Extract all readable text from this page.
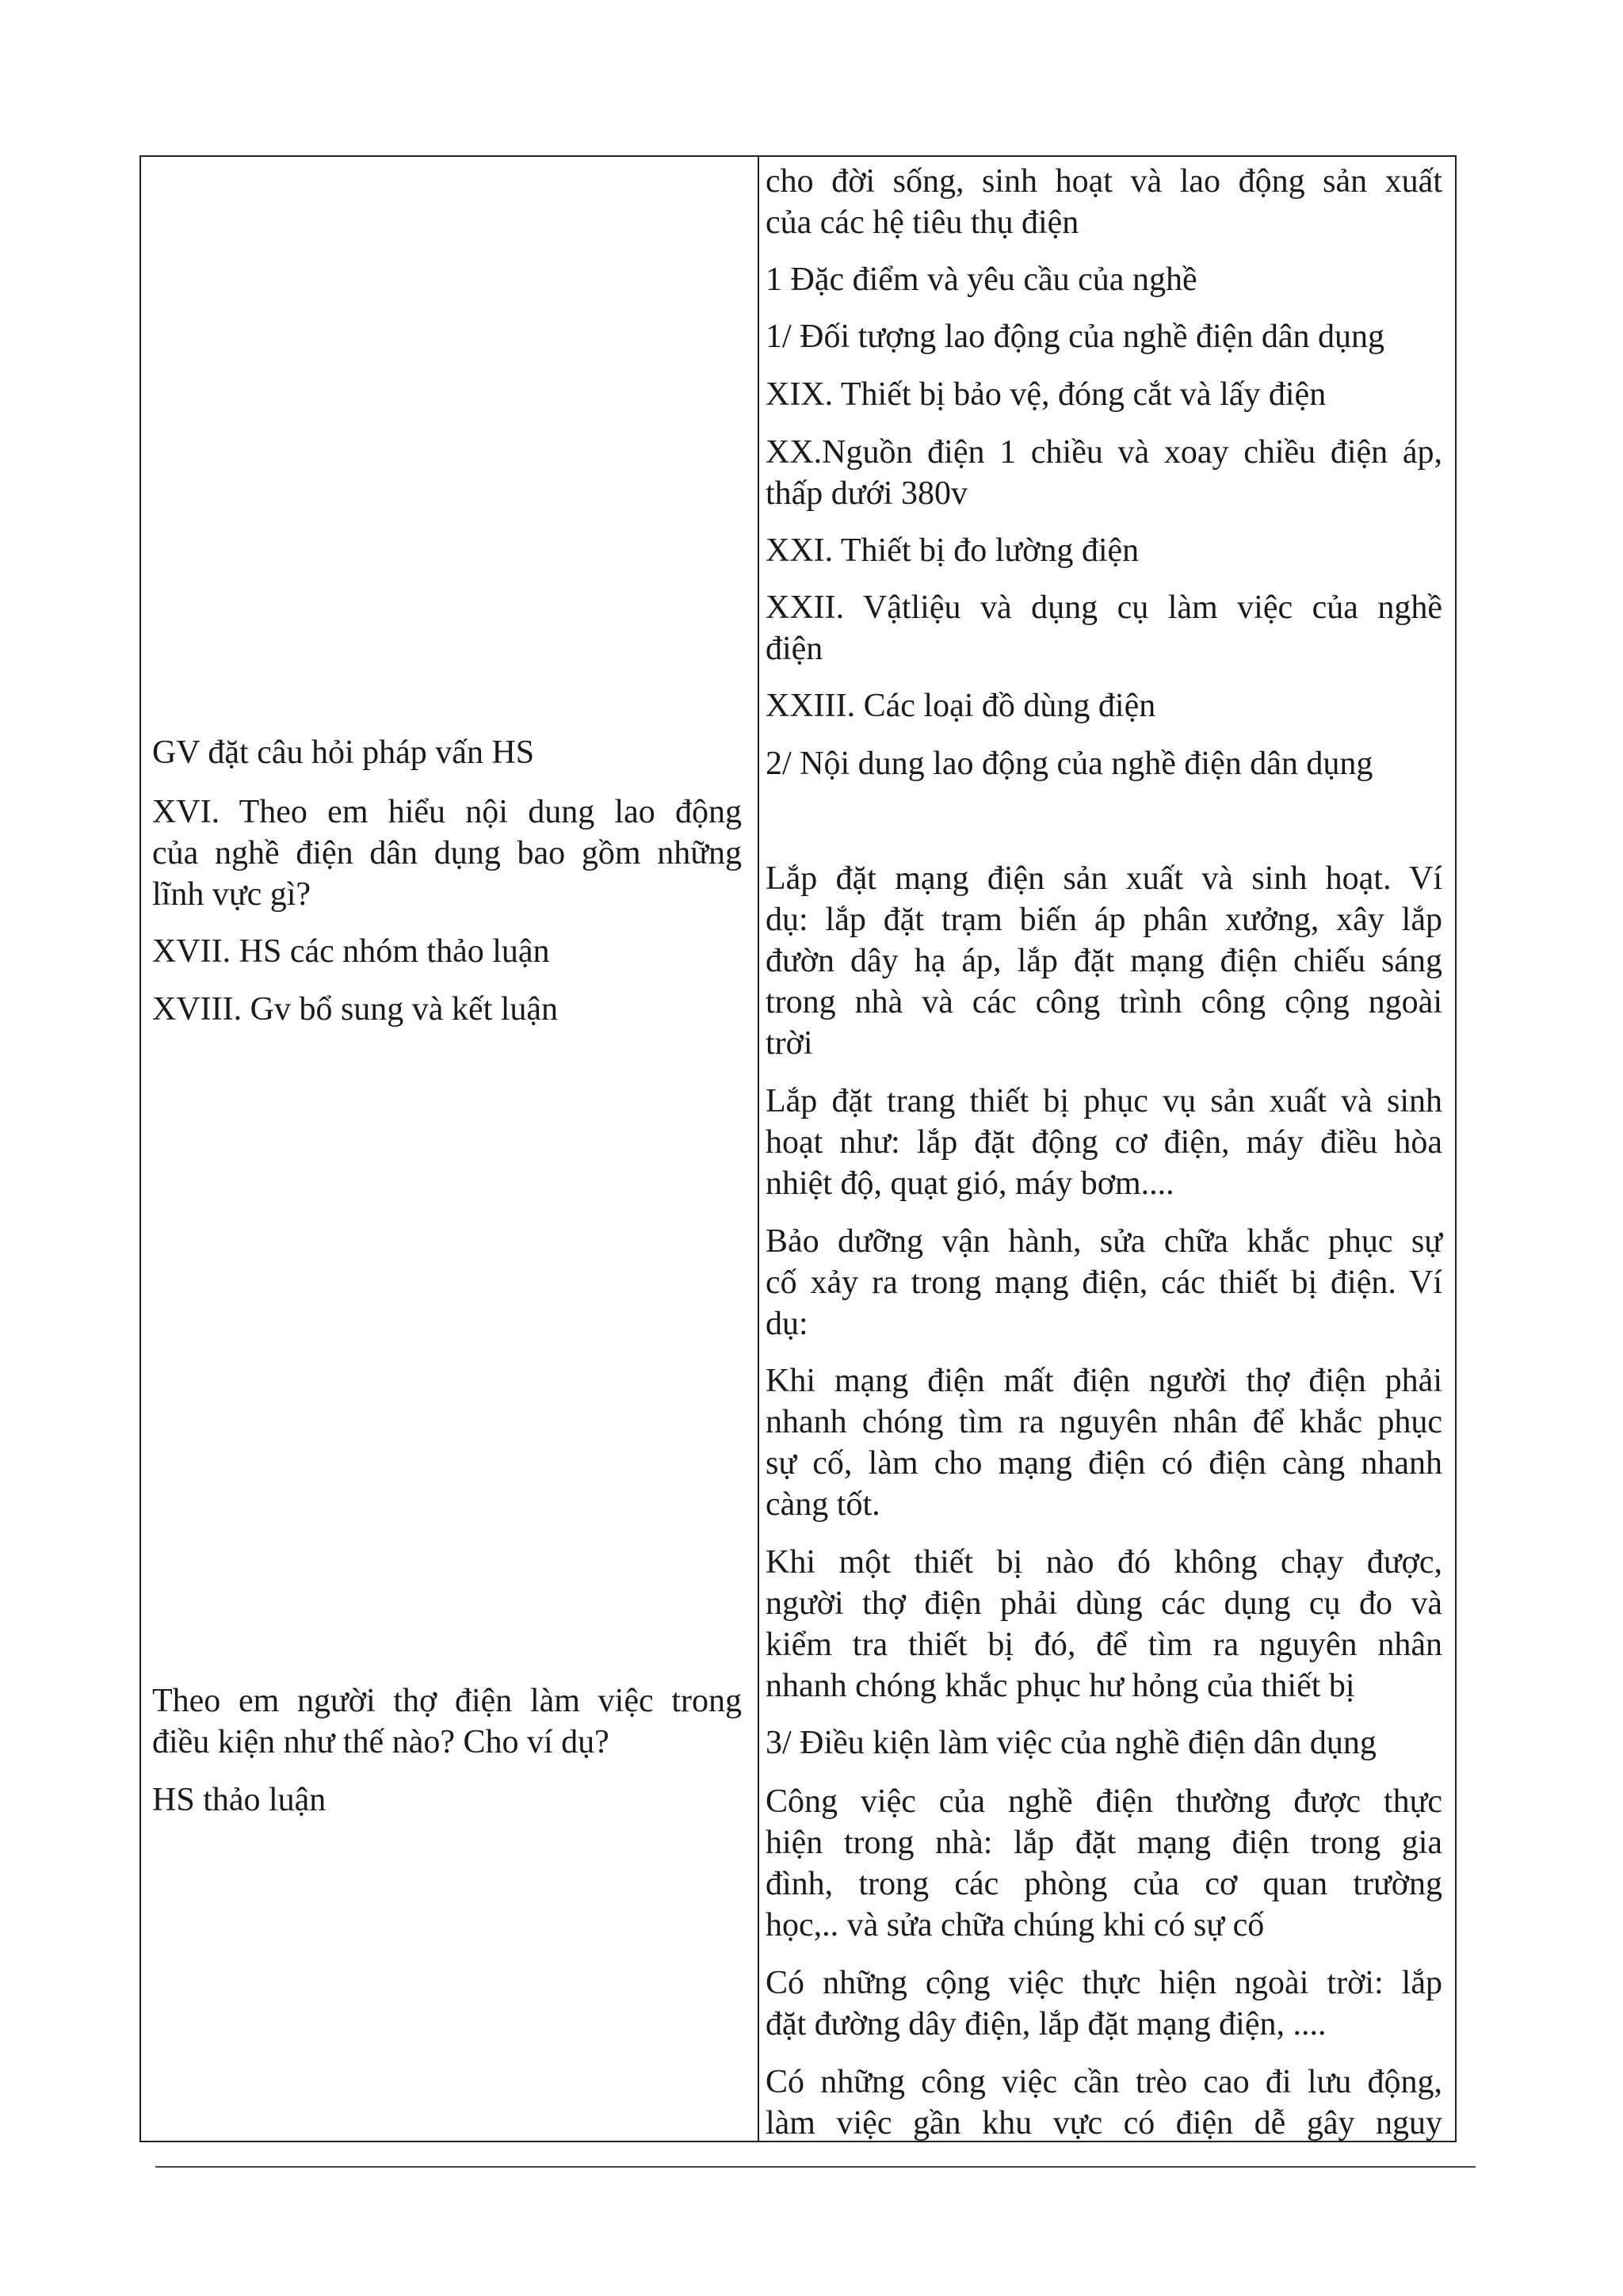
GV đặt câu hỏi pháp vấn HS
XVI. Theo em hiểu nội dung lao động
của nghề điện dân dụng bao gồm những
lĩnh vực gì?
XVII. HS các nhóm thảo luận
XVIII. Gv bổ sung và kết luận
Theo em người thợ điện làm việc trong
điều kiện như thế nào? Cho ví dụ?
HS thảo luận
cho đời sống, sinh hoạt và lao động sản xuất
của các hệ tiêu thụ điện
1 Đặc điểm và yêu cầu của nghề
1/ Đối tượng lao động của nghề điện dân dụng
XIX. Thiết bị bảo vệ, đóng cắt và lấy điện
XX.Nguồn điện 1 chiều và xoay chiều điện áp,
thấp dưới 380v
XXI. Thiết bị đo lường điện
XXII. Vậtliệu và dụng cụ làm việc của nghề
điện
XXIII. Các loại đồ dùng điện
2/ Nội dung lao động của nghề điện dân dụng
Lắp đặt mạng điện sản xuất và sinh hoạt. Ví
dụ: lắp đặt trạm biến áp phân xưởng, xây lắp
đườn dây hạ áp, lắp đặt mạng điện chiếu sáng
trong nhà và các công trình công cộng ngoài
trời
Lắp đặt trang thiết bị phục vụ sản xuất và sinh
hoạt như: lắp đặt động cơ điện, máy điều hòa
nhiệt độ, quạt gió, máy bơm....
Bảo dưỡng vận hành, sửa chữa khắc phục sự
cố xảy ra trong mạng điện, các thiết bị điện. Ví
dụ:
Khi mạng điện mất điện người thợ điện phải
nhanh chóng tìm ra nguyên nhân để khắc phục
sự cố, làm cho mạng điện có điện càng nhanh
càng tốt.
Khi một thiết bị nào đó không chạy được,
người thợ điện phải dùng các dụng cụ đo và
kiểm tra thiết bị đó, để tìm ra nguyên nhân
nhanh chóng khắc phục hư hỏng của thiết bị
3/ Điều kiện làm việc của nghề điện dân dụng
Công việc của nghề điện thường được thực
hiện trong nhà: lắp đặt mạng điện trong gia
đình, trong các phòng của cơ quan trường
học,.. và sửa chữa chúng khi có sự cố
Có những cộng việc thực hiện ngoài trời: lắp
đặt đường dây điện, lắp đặt mạng điện, ....
Có những công việc cần trèo cao đi lưu động,
làm việc gần khu vực có điện dễ gây nguy
